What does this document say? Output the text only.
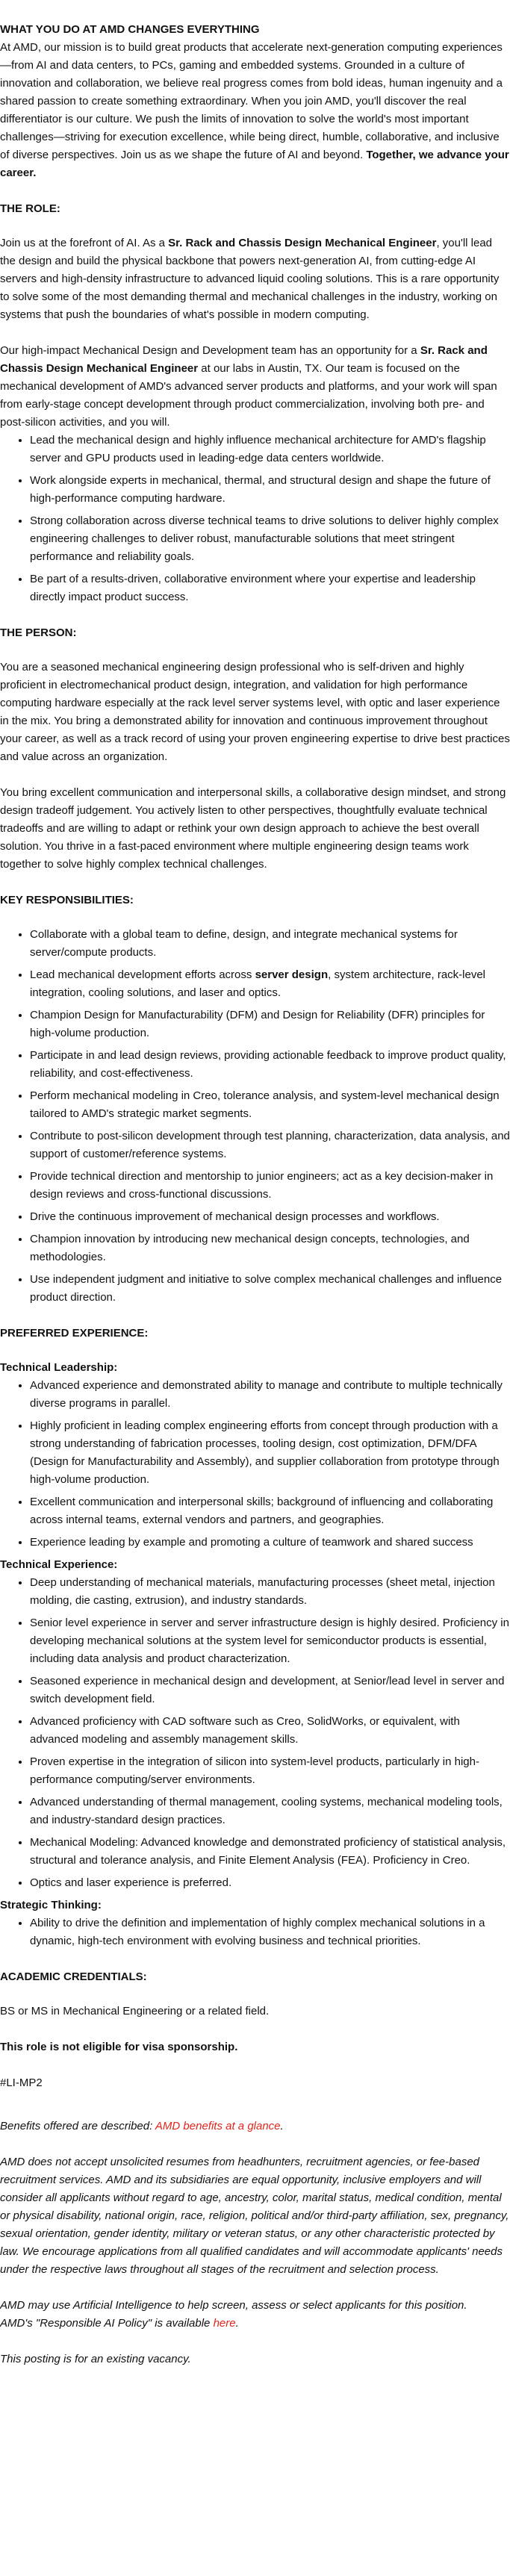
WHAT YOU DO AT AMD CHANGES EVERYTHING

At AMD, our mission is to build great products that accelerate next-generation computing experiences—from AI and data centers, to PCs, gaming and embedded systems. Grounded in a culture of innovation and collaboration, we believe real progress comes from bold ideas, human ingenuity and a shared passion to create something extraordinary. When you join AMD, you'll discover the real differentiator is our culture. We push the limits of innovation to solve the world's most important challenges—striving for execution excellence, while being direct, humble, collaborative, and inclusive of diverse perspectives. Join us as we shape the future of AI and beyond. Together, we advance your career.

THE ROLE:

Join us at the forefront of AI. As a Sr. Rack and Chassis Design Mechanical Engineer, you'll lead the design and build the physical backbone that powers next-generation AI, from cutting-edge AI servers and high-density infrastructure to advanced liquid cooling solutions. This is a rare opportunity to solve some of the most demanding thermal and mechanical challenges in the industry, working on systems that push the boundaries of what's possible in modern computing.

Our high-impact Mechanical Design and Development team has an opportunity for a Sr. Rack and Chassis Design Mechanical Engineer at our labs in Austin, TX. Our team is focused on the mechanical development of AMD's advanced server products and platforms, and your work will span from early-stage concept development through product commercialization, involving both pre- and post-silicon activities, and you will.

• Lead the mechanical design and highly influence mechanical architecture for AMD's flagship server and GPU products used in leading-edge data centers worldwide.
• Work alongside experts in mechanical, thermal, and structural design and shape the future of high-performance computing hardware.
• Strong collaboration across diverse technical teams to drive solutions to deliver highly complex engineering challenges to deliver robust, manufacturable solutions that meet stringent performance and reliability goals.
• Be part of a results-driven, collaborative environment where your expertise and leadership directly impact product success.

THE PERSON:

You are a seasoned mechanical engineering design professional who is self-driven and highly proficient in electromechanical product design, integration, and validation for high performance computing hardware especially at the rack level server systems level, with optic and laser experience in the mix. You bring a demonstrated ability for innovation and continuous improvement throughout your career, as well as a track record of using your proven engineering expertise to drive best practices and value across an organization.

You bring excellent communication and interpersonal skills, a collaborative design mindset, and strong design tradeoff judgement. You actively listen to other perspectives, thoughtfully evaluate technical tradeoffs and are willing to adapt or rethink your own design approach to achieve the best overall solution. You thrive in a fast-paced environment where multiple engineering design teams work together to solve highly complex technical challenges.

KEY RESPONSIBILITIES:

• Collaborate with a global team to define, design, and integrate mechanical systems for server/compute products.
• Lead mechanical development efforts across server design, system architecture, rack-level integration, cooling solutions, and laser and optics.
• Champion Design for Manufacturability (DFM) and Design for Reliability (DFR) principles for high-volume production.
• Participate in and lead design reviews, providing actionable feedback to improve product quality, reliability, and cost-effectiveness.
• Perform mechanical modeling in Creo, tolerance analysis, and system-level mechanical design tailored to AMD's strategic market segments.
• Contribute to post-silicon development through test planning, characterization, data analysis, and support of customer/reference systems.
• Provide technical direction and mentorship to junior engineers; act as a key decision-maker in design reviews and cross-functional discussions.
• Drive the continuous improvement of mechanical design processes and workflows.
• Champion innovation by introducing new mechanical design concepts, technologies, and methodologies.
• Use independent judgment and initiative to solve complex mechanical challenges and influence product direction.

PREFERRED EXPERIENCE:

Technical Leadership:

• Advanced experience and demonstrated ability to manage and contribute to multiple technically diverse programs in parallel.
• Highly proficient in leading complex engineering efforts from concept through production with a strong understanding of fabrication processes, tooling design, cost optimization, DFM/DFA (Design for Manufacturability and Assembly), and supplier collaboration from prototype through high-volume production.
• Excellent communication and interpersonal skills; background of influencing and collaborating across internal teams, external vendors and partners, and geographies.
• Experience leading by example and promoting a culture of teamwork and shared success

Technical Experience:

• Deep understanding of mechanical materials, manufacturing processes (sheet metal, injection molding, die casting, extrusion), and industry standards.
• Senior level experience in server and server infrastructure design is highly desired. Proficiency in developing mechanical solutions at the system level for semiconductor products is essential, including data analysis and product characterization.
• Seasoned experience in mechanical design and development, at Senior/lead level in server and switch development field.
• Advanced proficiency with CAD software such as Creo, SolidWorks, or equivalent, with advanced modeling and assembly management skills.
• Proven expertise in the integration of silicon into system-level products, particularly in high-performance computing/server environments.
• Advanced understanding of thermal management, cooling systems, mechanical modeling tools, and industry-standard design practices.
• Mechanical Modeling: Advanced knowledge and demonstrated proficiency of statistical analysis, structural and tolerance analysis, and Finite Element Analysis (FEA). Proficiency in Creo.
• Optics and laser experience is preferred.

Strategic Thinking:

• Ability to drive the definition and implementation of highly complex mechanical solutions in a dynamic, high-tech environment with evolving business and technical priorities.

ACADEMIC CREDENTIALS:

BS or MS in Mechanical Engineering or a related field.

This role is not eligible for visa sponsorship.

#LI-MP2

Benefits offered are described: AMD benefits at a glance.

AMD does not accept unsolicited resumes from headhunters, recruitment agencies, or fee-based recruitment services. AMD and its subsidiaries are equal opportunity, inclusive employers and will consider all applicants without regard to age, ancestry, color, marital status, medical condition, mental or physical disability, national origin, race, religion, political and/or third-party affiliation, sex, pregnancy, sexual orientation, gender identity, military or veteran status, or any other characteristic protected by law. We encourage applications from all qualified candidates and will accommodate applicants' needs under the respective laws throughout all stages of the recruitment and selection process.

AMD may use Artificial Intelligence to help screen, assess or select applicants for this position.
AMD's "Responsible AI Policy" is available here.

This posting is for an existing vacancy.
